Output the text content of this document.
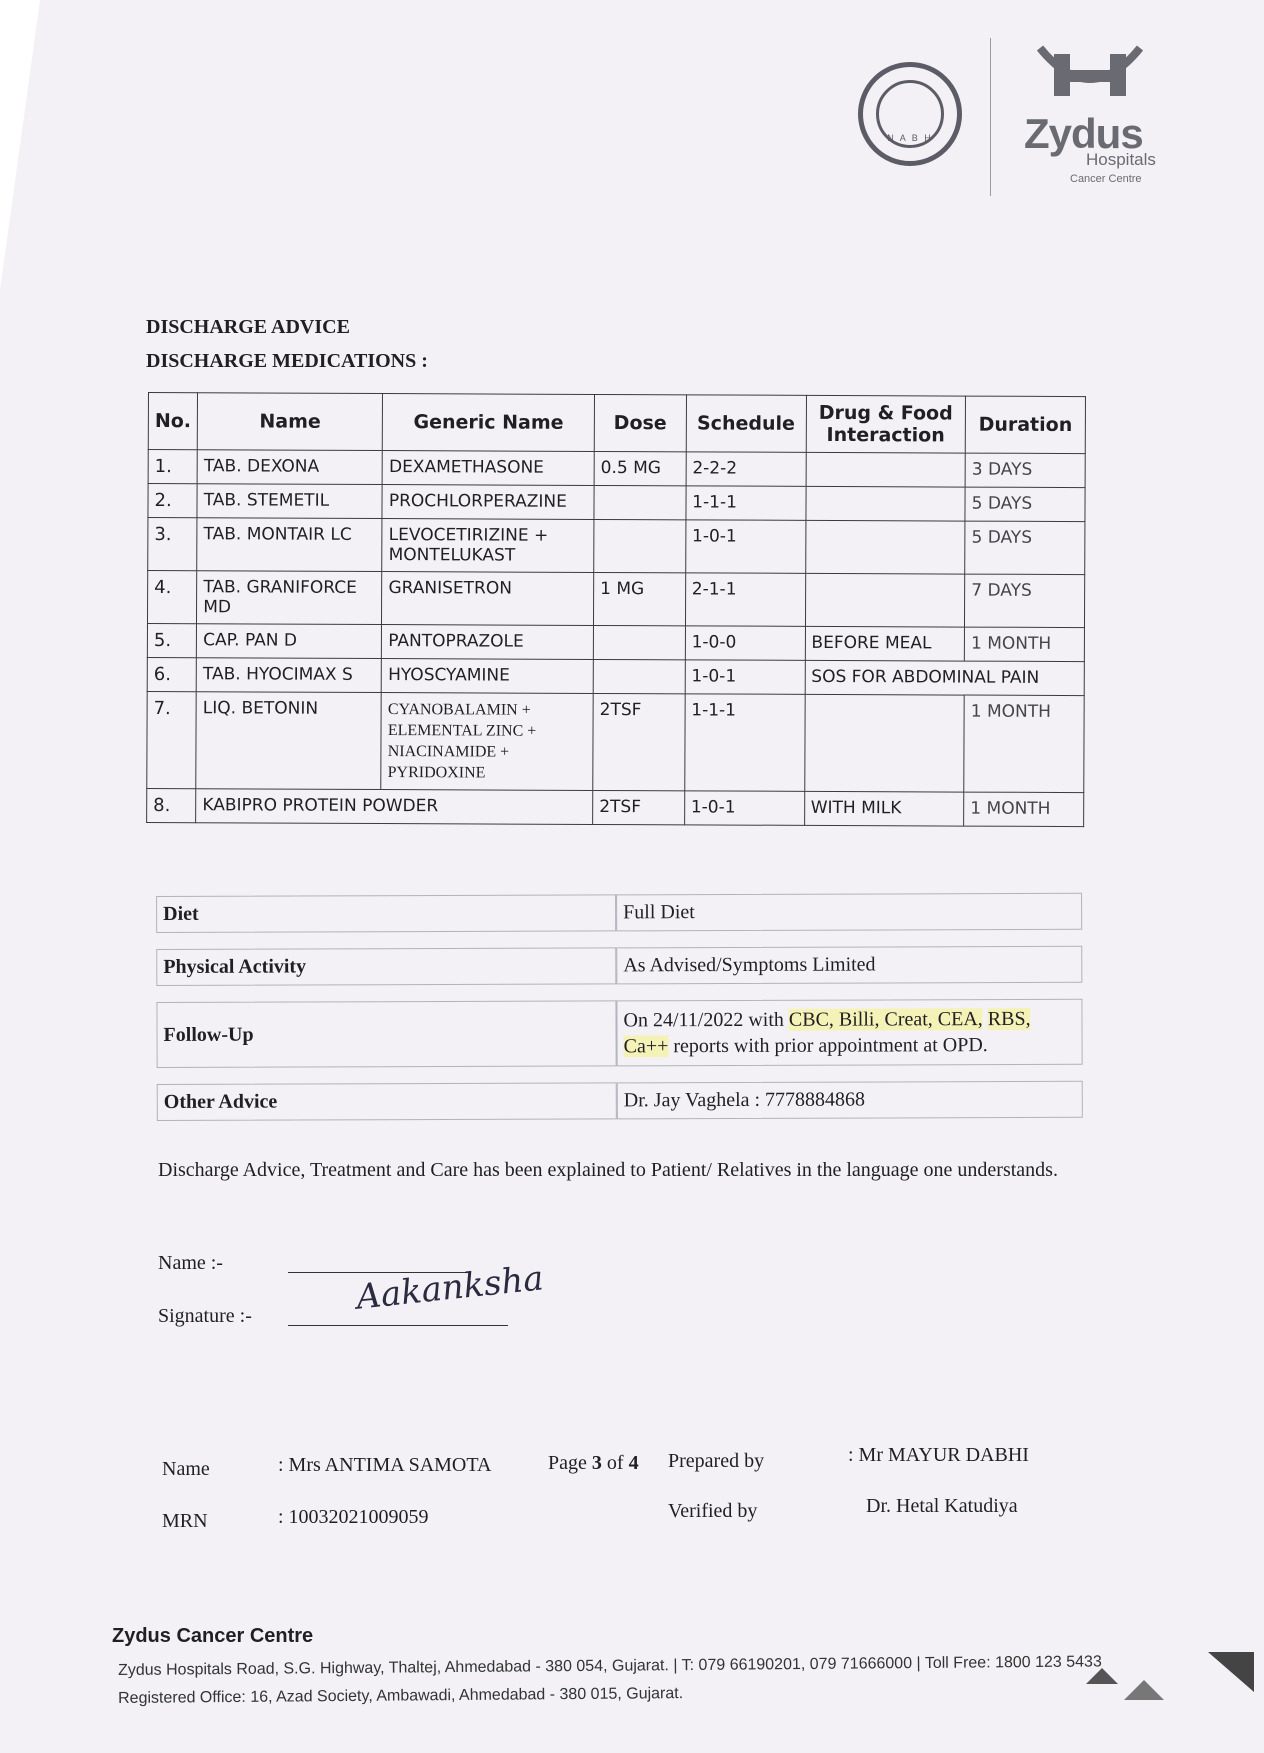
N A B H	Zydus
Hospitals
Cancer Centre
DISCHARGE ADVICE
DISCHARGE MEDICATIONS :
No.	Name	Generic Name	Dose	Schedule	Drug & Food Interaction	Duration
1.	TAB. DEXONA	DEXAMETHASONE	0.5 MG	2-2-2		3 DAYS
2.	TAB. STEMETIL	PROCHLORPERAZINE		1-1-1		5 DAYS
3.	TAB. MONTAIR LC	LEVOCETIRIZINE + MONTELUKAST		1-0-1		5 DAYS
4.	TAB. GRANIFORCE MD	GRANISETRON	1 MG	2-1-1		7 DAYS
5.	CAP. PAN D	PANTOPRAZOLE		1-0-0	BEFORE MEAL	1 MONTH
6.	TAB. HYOCIMAX S	HYOSCYAMINE		1-0-1	SOS FOR ABDOMINAL PAIN	
7.	LIQ. BETONIN	CYANOBALAMIN + ELEMENTAL ZINC + NIACINAMIDE + PYRIDOXINE	2TSF	1-1-1		1 MONTH
8.	KABIPRO PROTEIN POWDER		2TSF	1-0-1	WITH MILK	1 MONTH
Diet	Full Diet
Physical Activity	As Advised/Symptoms Limited
Follow-Up	On 24/11/2022 with CBC, Billi, Creat, CEA, RBS, Ca++ reports with prior appointment at OPD.
Other Advice	Dr. Jay Vaghela : 7778884868
Discharge Advice, Treatment and Care has been explained to Patient/ Relatives in the language one understands.
Name :-
Signature :-	Aakanksha
Name	: Mrs ANTIMA SAMOTA	Page 3 of 4 Prepared by	: Mr MAYUR DABHI
MRN	: 10032021009059	Verified by	Dr. Hetal Katudiya
Zydus Cancer Centre
Zydus Hospitals Road, S.G. Highway, Thaltej, Ahmedabad - 380 054, Gujarat. | T: 079 66190201, 079 71666000 | Toll Free: 1800 123 5433
Registered Office: 16, Azad Society, Ambawadi, Ahmedabad - 380 015, Gujarat.
